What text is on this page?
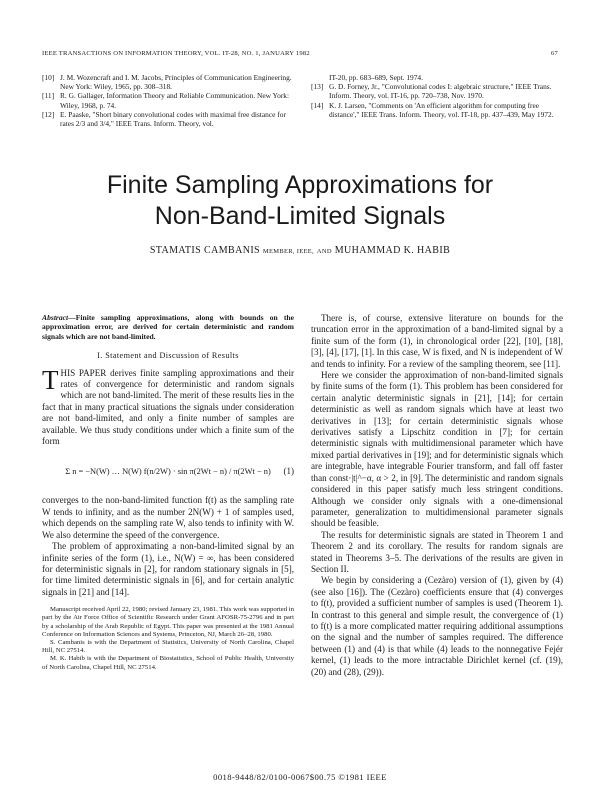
IEEE TRANSACTIONS ON INFORMATION THEORY, VOL. IT-28, NO. 1, JANUARY 1982	67
[10] J. M. Wozencraft and I. M. Jacobs, Principles of Communication Engineering. New York: Wiley, 1965, pp. 308–318.
[11] R. G. Gallager, Information Theory and Reliable Communication. New York: Wiley, 1968, p. 74.
[12] E. Paaske, "Short binary convolutional codes with maximal free distance for rates 2/3 and 3/4," IEEE Trans. Inform. Theory, vol.
IT-20, pp. 683–689, Sept. 1974.
[13] G. D. Forney, Jr., "Convolutional codes I: algebraic structure," IEEE Trans. Inform. Theory, vol. IT-16, pp. 720–738, Nov. 1970.
[14] K. J. Larsen, "Comments on 'An efficient algorithm for computing free distance'," IEEE Trans. Inform. Theory, vol. IT-18, pp. 437–439, May 1972.
Finite Sampling Approximations for
Non-Band-Limited Signals
STAMATIS CAMBANIS MEMBER, IEEE, AND MUHAMMAD K. HABIB
Abstract—Finite sampling approximations, along with bounds on the approximation error, are derived for certain deterministic and random signals which are not band-limited.
I. Statement and Discussion of Results

THIS PAPER derives finite sampling approximations and their rates of convergence for deterministic and random signals which are not band-limited. The merit of these results lies in the fact that in many practical situations the signals under consideration are not band-limited, and only a finite number of samples are available. We thus study conditions under which a finite sum of the form

Σ n = −N(W) … N(W) f(n/2W) · sin π(2Wt − n) / π(2Wt − n) (1)

converges to the non-band-limited function f(t) as the sampling rate W tends to infinity, and as the number 2N(W) + 1 of samples used, which depends on the sampling rate W, also tends to infinity with W. We also determine the speed of the convergence.

The problem of approximating a non-band-limited signal by an infinite series of the form (1), i.e., N(W) = ∞, has been considered for deterministic signals in [2], for random stationary signals in [5], for time limited deterministic signals in [6], and for certain analytic signals in [21] and [14].

Manuscript received April 22, 1980; revised January 23, 1981. This work was supported in part by the Air Force Office of Scientific Research under Grant AFOSR-75-2796 and in part by a scholarship of the Arab Republic of Egypt. This paper was presented at the 1981 Annual Conference on Information Sciences and Systems, Princeton, NJ, March 26–28, 1980.
S. Cambanis is with the Department of Statistics, University of North Carolina, Chapel Hill, NC 27514.
M. K. Habib is with the Department of Biostatistics, School of Public Health, University of North Carolina, Chapel Hill, NC 27514.

There is, of course, extensive literature on bounds for the truncation error in the approximation of a band-limited signal by a finite sum of the form (1), in chronological order [22], [10], [18], [3], [4], [17], [1]. In this case, W is fixed, and N is independent of W and tends to infinity. For a review of the sampling theorem, see [11].

Here we consider the approximation of non-band-limited signals by finite sums of the form (1). This problem has been considered for certain analytic deterministic signals in [21], [14]; for certain deterministic as well as random signals which have at least two derivatives in [13]; for certain deterministic signals whose derivatives satisfy a Lipschitz condition in [7]; for certain deterministic signals with multidimensional parameter which have mixed partial derivatives in [19]; and for deterministic signals which are integrable, have integrable Fourier transform, and fall off faster than const·|t|^−α, α > 2, in [9]. The deterministic and random signals considered in this paper satisfy much less stringent conditions. Although we consider only signals with a one-dimensional parameter, generalization to multidimensional parameter signals should be feasible.

The results for deterministic signals are stated in Theorem 1 and Theorem 2 and its corollary. The results for random signals are stated in Theorems 3–5. The derivations of the results are given in Section II.

We begin by considering a (Cezàro) version of (1), given by (4) (see also [16]). The (Cezàro) coefficients ensure that (4) converges to f(t), provided a sufficient number of samples is used (Theorem 1). In contrast to this general and simple result, the convergence of (1) to f(t) is a more complicated matter requiring additional assumptions on the signal and the number of samples required. The difference between (1) and (4) is that while (4) leads to the nonnegative Fejér kernel, (1) leads to the more intractable Dirichlet kernel (cf. (19), (20) and (28), (29)).

0018-9448/82/0100-0067$00.75 ©1981 IEEE
